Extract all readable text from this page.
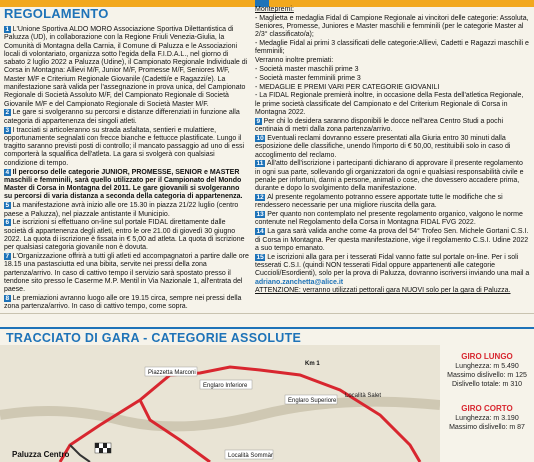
REGOLAMENTO

1 L'Unione Sportiva ALDO MORO Associazione Sportiva Dilettantistica di Paluzza (UD), in collaborazione con la Regione Friuli Venezia-Giulia, la Comunità di Montagna della Carnia, il Comune di Paluzza e le Associazioni locali di volontariato, organizza sotto l'egida della F.I.D.A.L., nel giorno di sabato 2 luglio 2022 a Paluzza (Udine), il Campionato Regionale Individuale di Corsa in Montagna: Allievi M/F, Junior M/F, Promesse M/F, Seniores M/F, Master M/F e Criterium Regionale Giovanile (Cadetti/e e Ragazzi/e). La manifestazione sarà valida per l'assegnazione in prova unica, del Campionato Regionale di Società Assoluto M/F, del Campionato Regionale di Società Giovanile M/F e del Campionato Regionale di Società Master M/F.

2 Le gare si svolgeranno su percorsi e distanze differenziati in funzione alla categoria di appartenenza dei singoli atleti.

3 I tracciati si articoleranno su strada asfaltata, sentieri e mulattiere, opportunamente segnalati con frecce bianche e fettucce plastificate. Lungo il tragitto saranno previsti posti di controllo; il mancato passaggio ad uno di essi comporterà la squalifica dell'atleta. La gara si svolgerà con qualsiasi condizione di tempo.

4 Il percorso delle categorie JUNIOR, PROMESSE, SENIOR e MASTER maschili e femminili, sarà quello utilizzato per il Campionato del Mondo Master di Corsa in Montagna del 2011. Le gare giovanili si svolgeranno su percorsi di varia distanza a seconda della categoria di appartenenza.

5 La manifestazione avrà inizio alle ore 15.30 in piazza 21/22 luglio (centro paese a Paluzza), nel piazzale antistante il Municipio.

6 Le iscrizioni si effettuano on-line sul portale FIDAL direttamente dalle società di appartenenza degli atleti, entro le ore 21.00 di giovedì 30 giugno 2022. La quota di iscrizione è fissata in € 5,00 ad atleta. La quota di iscrizione per qualsiasi categoria giovanile non è dovuta.

7 L'Organizzazione offrirà a tutti gli atleti ed accompagnatori a partire dalle ore 18.15 una pastasciutta ed una bibita, servite nei pressi della zona partenza/arrivo. In caso di cattivo tempo il servizio sarà spostato presso il tendone sito presso le Caserme M.P. Mentil in Via Nazionale 1, all'entrata del paese.

8 Le premiazioni avranno luogo alle ore 19.15 circa, sempre nei pressi della zona partenza/arrivo. In caso di cattivo tempo, come sopra.

Montepremi:

- Maglietta e medaglia Fidal di Campione Regionale ai vincitori delle categorie: Assoluta, Seniores, Promesse, Juniores e Master maschili e femminili (per le categorie Master al 2/3° classificato/a);

- Medaglie Fidal ai primi 3 classificati delle categorie:Allievi, Cadetti e Ragazzi maschili e femminili;

Verranno inoltre premiati:

- Società master maschili prime 3

- Società master femminili prime 3

- MEDAGLIE E PREMI VARI PER CATEGORIE GIOVANILI

- La FIDAL Regionale premierà inoltre, in occasione della Festa dell'atletica Regionale, le prime società classificate del Campionato e del Criterium Regionale di Corsa in Montagna 2022.

9 Per chi lo desidera saranno disponibili le docce nell'area Centro Studi a pochi centinaia di metri dalla zona partenza/arrivo.

10 Eventuali reclami dovranno essere presentati alla Giuria entro 30 minuti dalla esposizione delle classifiche, unendo l'importo di € 50,00, restituibili solo in caso di accoglimento del reclamo.

11 All'atto dell'iscrizione i partecipanti dichiarano di approvare il presente regolamento in ogni sua parte, sollevando gli organizzatori da ogni e qualsiasi responsabilità civile e penale per infortuni, danni a persone, animali o cose, che dovessero accadere prima, durante e dopo lo svolgimento della manifestazione.

12 Al presente regolamento potranno essere apportate tutte le modifiche che si rendessero necessarie per una migliore riuscita della gara.

13 Per quanto non contemplato nel presente regolamento organico, valgono le norme contenute nel Regolamento della Corsa in Montagna FIDAL FVG 2022.

14 La gara sarà valida anche come 4a prova del 54° Trofeo Sen. Michele Gortani C.S.I. di Corsa in Montagna. Per questa manifestazione, vige il regolamento C.S.I. Udine 2022 a suo tempo emanato.

15 Le iscrizioni alla gara per i tesserati Fidal vanno fatte sul portale on-line. Per i soli tesserati C.S.I. (quindi NON tesserati Fidal oppure appartenenti alle categorie Cuccioli/Esordienti), solo per la prova di Paluzza, dovranno iscriversi inviando una mail a adriano.zanchetta@alice.it

ATTENZIONE: verranno utilizzati pettorali gara NUOVI solo per la gara di Paluzza.

TRACCIATO DI GARA - CATEGORIE ASSOLUTE
Piazzetta Marconi
Englaro Inferiore
Km 1
Englaro Superiore
Località Salet
Paluzza Centro	Località Sommàr
GIRO LUNGO
Lunghezza: m 5.490
Massimo dislivello: m 125
Dislivello totale: m 310
GIRO CORTO
Lunghezza: m 3.190
Massimo dislivello: m 87
